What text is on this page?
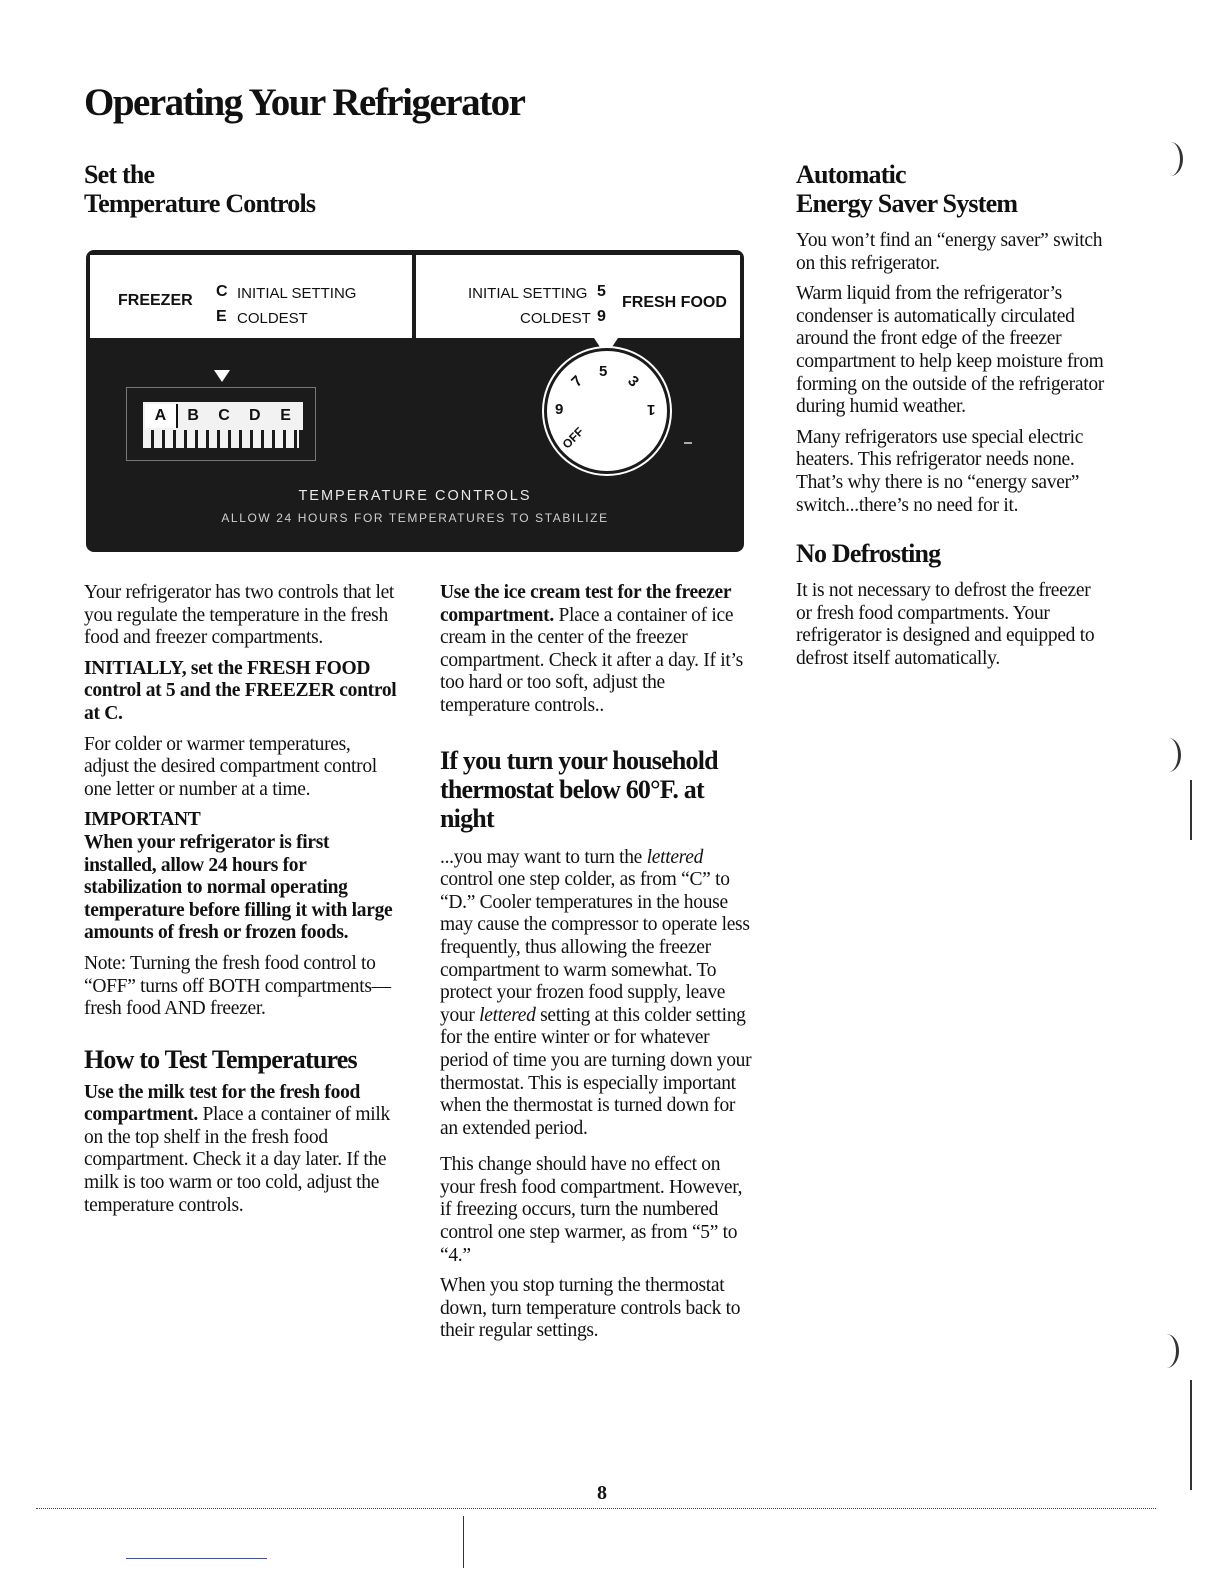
Operating Your Refrigerator
Set the
Temperature Controls
FREEZER
C INITIAL SETTING
E COLDEST
INITIAL SETTING 5
COLDEST 9
FRESH FOOD
A	B	C	D	E
5
7	3
9	1
OFF
TEMPERATURE CONTROLS
ALLOW 24 HOURS FOR TEMPERATURES TO STABILIZE

Your refrigerator has two controls that let you regulate the temperature in the fresh food and freezer compartments.

INITIALLY, set the FRESH FOOD control at 5 and the FREEZER control at C.

For colder or warmer temperatures, adjust the desired compartment control one letter or number at a time.

IMPORTANT

When your refrigerator is first installed, allow 24 hours for stabilization to normal operating temperature before filling it with large amounts of fresh or frozen foods.

Note: Turning the fresh food control to “OFF” turns off BOTH compartments—fresh food AND freezer.

How to Test Temperatures

Use the milk test for the fresh food compartment. Place a container of milk on the top shelf in the fresh food compartment. Check it a day later. If the milk is too warm or too cold, adjust the temperature controls.

Use the ice cream test for the freezer compartment. Place a container of ice cream in the center of the freezer compartment. Check it after a day. If it’s too hard or too soft, adjust the temperature controls..

If you turn your household thermostat below 60°F. at night

...you may want to turn the lettered control one step colder, as from “C” to “D.” Cooler temperatures in the house may cause the compressor to operate less frequently, thus allowing the freezer compartment to warm somewhat. To protect your frozen food supply, leave your lettered setting at this colder setting for the entire winter or for whatever period of time you are turning down your thermostat. This is especially important when the thermostat is turned down for an extended period.

This change should have no effect on your fresh food compartment. However, if freezing occurs, turn the numbered control one step warmer, as from “5” to “4.”

When you stop turning the thermostat down, turn temperature controls back to their regular settings.

Automatic
Energy Saver System

You won’t find an “energy saver” switch on this refrigerator.

Warm liquid from the refrigerator’s condenser is automatically circulated around the front edge of the freezer compartment to help keep moisture from forming on the outside of the refrigerator during humid weather.

Many refrigerators use special electric heaters. This refrigerator needs none. That’s why there is no “energy saver” switch...there’s no need for it.

No Defrosting

It is not necessary to defrost the freezer or fresh food compartments. Your refrigerator is designed and equipped to defrost itself automatically.

8
